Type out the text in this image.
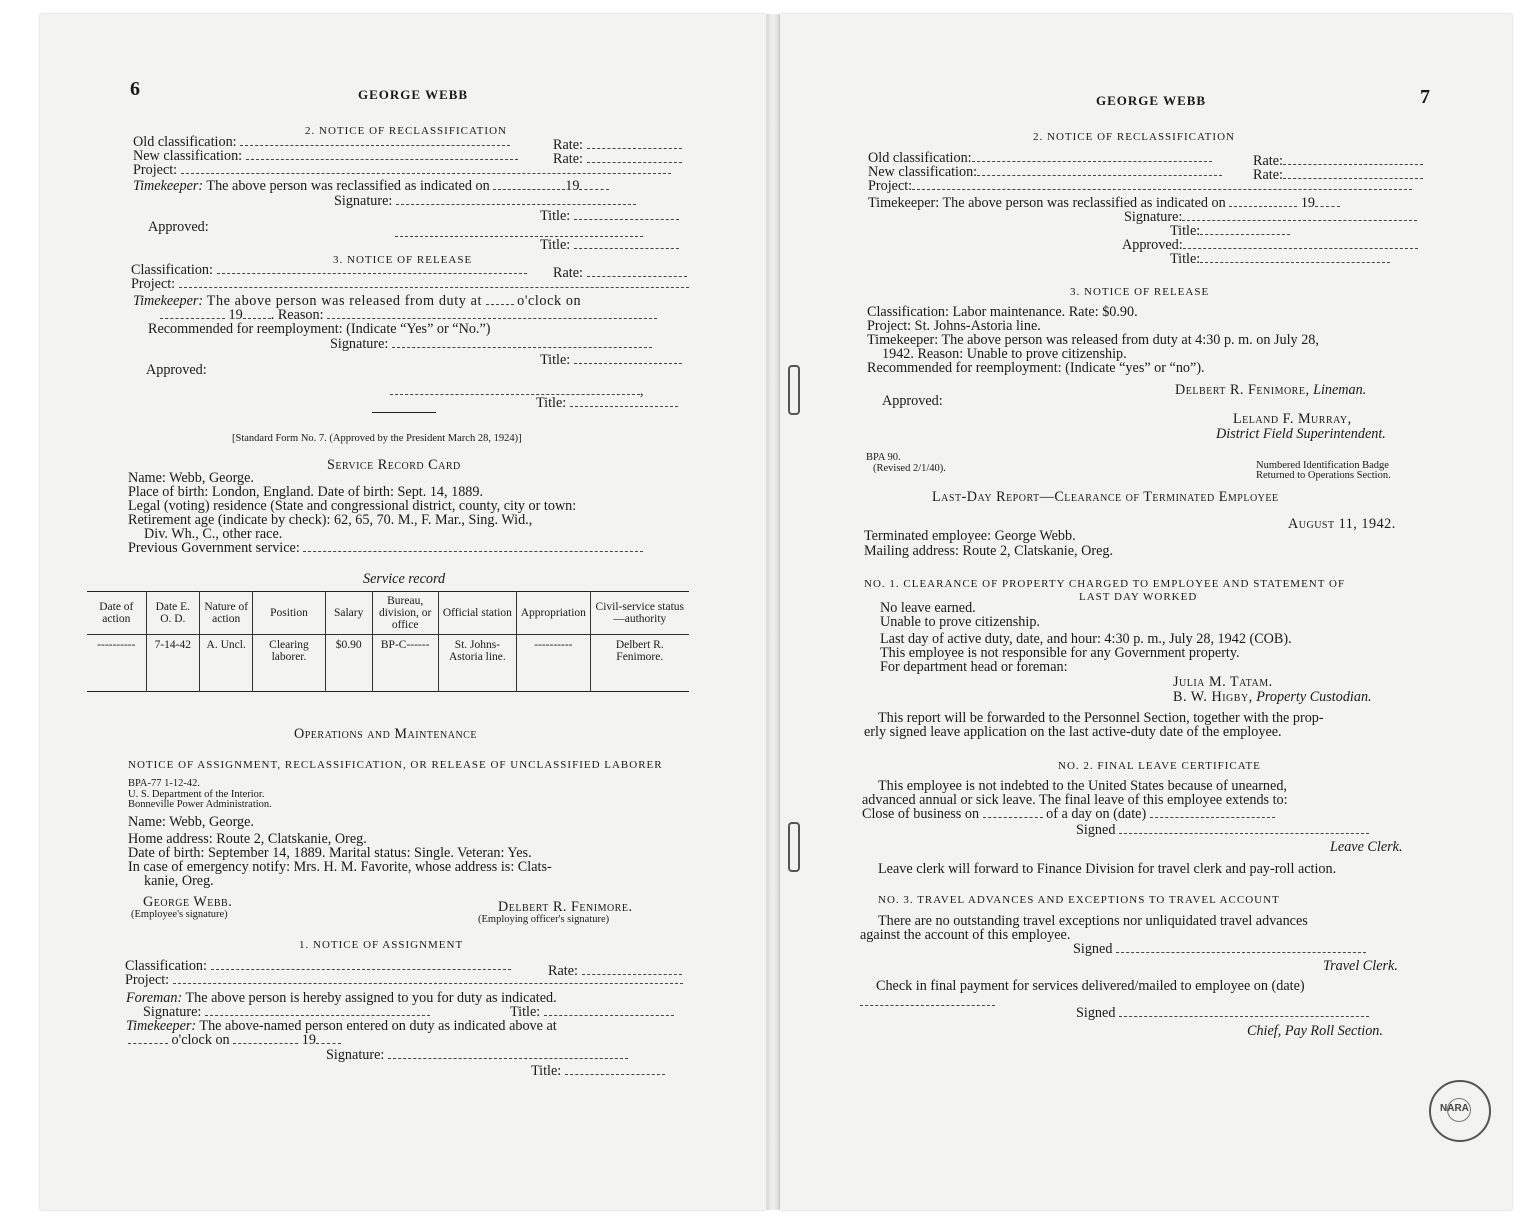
6	GEORGE WEBB
2. NOTICE OF RECLASSIFICATION
Old classification:	Rate:
New classification:	Rate:
Project:
Timekeeper: The above person was reclassified as indicated on	19
Signature:
Title:
Approved:
Title:
3. NOTICE OF RELEASE
Classification:	Rate:
Project:
Timekeeper: The above person was released from duty at o'clock on
19 . Reason:
Recommended for reemployment: (Indicate “Yes” or “No.”)
Signature:
Title:
Approved:
,
Title:
[Standard Form No. 7. (Approved by the President March 28, 1924)]
Service Record Card
Name: Webb, George.
Place of birth: London, England. Date of birth: Sept. 14, 1889.
Legal (voting) residence (State and congressional district, county, city or town:
Retirement age (indicate by check): 62, 65, 70. M., F. Mar., Sing. Wid.,
Div. Wh., C., other race.
Previous Government service:
Service record
Date of action	Date E. O. D.	Nature of action	Position	Salary	Bureau, division, or office	Official station	Appropriation	Civil-service status—authority
----------	7-14-42	A. Uncl.	Clearing laborer.	$0.90	BP-C------	St. Johns-Astoria line.	----------	Delbert R. Fenimore.
Operations and Maintenance
NOTICE OF ASSIGNMENT, RECLASSIFICATION, OR RELEASE OF UNCLASSIFIED LABORER
BPA-77 1-12-42.
U. S. Department of the Interior.
Bonneville Power Administration.
Name: Webb, George.
Home address: Route 2, Clatskanie, Oreg.
Date of birth: September 14, 1889. Marital status: Single. Veteran: Yes.
In case of emergency notify: Mrs. H. M. Favorite, whose address is: Clats-
kanie, Oreg.
George Webb.
(Employee's signature)	Delbert R. Fenimore.
(Employing officer's signature)
1. NOTICE OF ASSIGNMENT
Classification:	Rate:
Project:
Foreman: The above person is hereby assigned to you for duty as indicated.
Signature:	Title:
Timekeeper: The above-named person entered on duty as indicated above at
o'clock on	19
Signature:
Title:
GEORGE WEBB	7
2. NOTICE OF RECLASSIFICATION
Old classification:	Rate:
New classification:	Rate:
Project:
Timekeeper: The above person was reclassified as indicated on	19
Signature:
Title:
Approved:
Title:
3. NOTICE OF RELEASE
Classification: Labor maintenance. Rate: $0.90.
Project: St. Johns-Astoria line.
Timekeeper: The above person was released from duty at 4:30 p. m. on July 28,
1942. Reason: Unable to prove citizenship.
Recommended for reemployment: (Indicate “yes” or “no”).
Delbert R. Fenimore, Lineman.
Approved:
Leland F. Murray,
District Field Superintendent.
BPA 90.
(Revised 2/1/40).	Numbered Identification Badge
Returned to Operations Section.
Last-Day Report—Clearance of Terminated Employee
August 11, 1942.
Terminated employee: George Webb.
Mailing address: Route 2, Clatskanie, Oreg.
NO. 1. CLEARANCE OF PROPERTY CHARGED TO EMPLOYEE AND STATEMENT OF
LAST DAY WORKED
No leave earned.
Unable to prove citizenship.
Last day of active duty, date, and hour: 4:30 p. m., July 28, 1942 (COB).
This employee is not responsible for any Government property.
For department head or foreman:
Julia M. Tatam.
B. W. Higby, Property Custodian.
This report will be forwarded to the Personnel Section, together with the prop-
erly signed leave application on the last active-duty date of the employee.
NO. 2. FINAL LEAVE CERTIFICATE
This employee is not indebted to the United States because of unearned,
advanced annual or sick leave. The final leave of this employee extends to:
Close of business on	of a day on (date)
Signed
Leave Clerk.
Leave clerk will forward to Finance Division for travel clerk and pay-roll action.
NO. 3. TRAVEL ADVANCES AND EXCEPTIONS TO TRAVEL ACCOUNT
There are no outstanding travel exceptions nor unliquidated travel advances
against the account of this employee.
Signed
Travel Clerk.
Check in final payment for services delivered/mailed to employee on (date)
Signed
Chief, Pay Roll Section.
NARA
